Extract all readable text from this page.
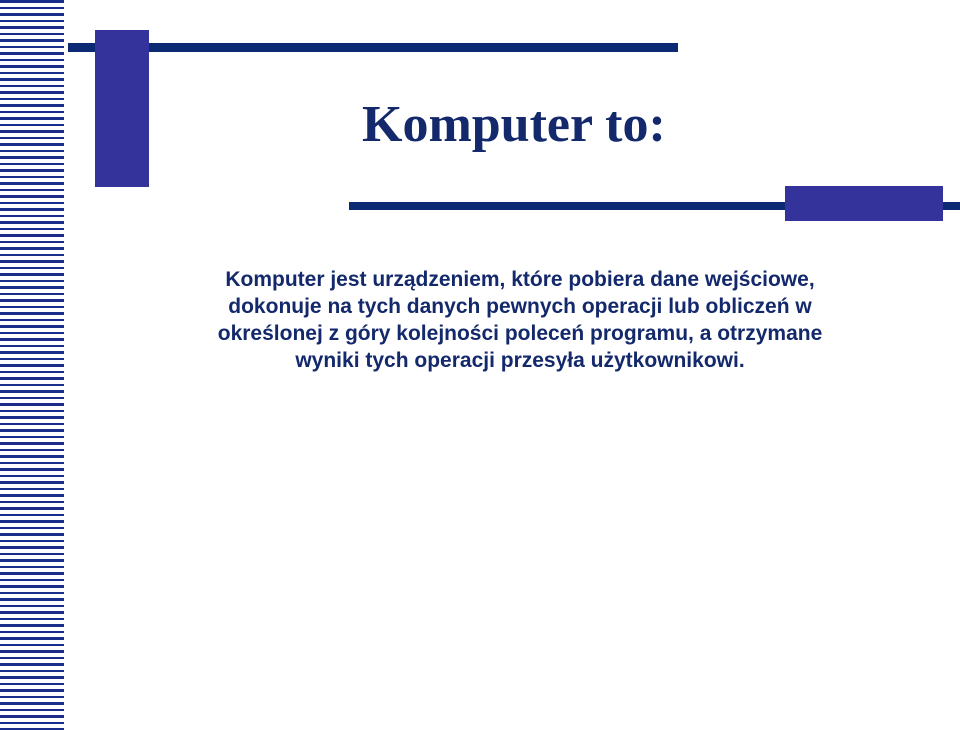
Komputer to:

Komputer jest urządzeniem, które pobiera dane wejściowe,
dokonuje na tych danych pewnych operacji lub obliczeń w
określonej z góry kolejności poleceń programu, a otrzymane
wyniki tych operacji przesyła użytkownikowi.
